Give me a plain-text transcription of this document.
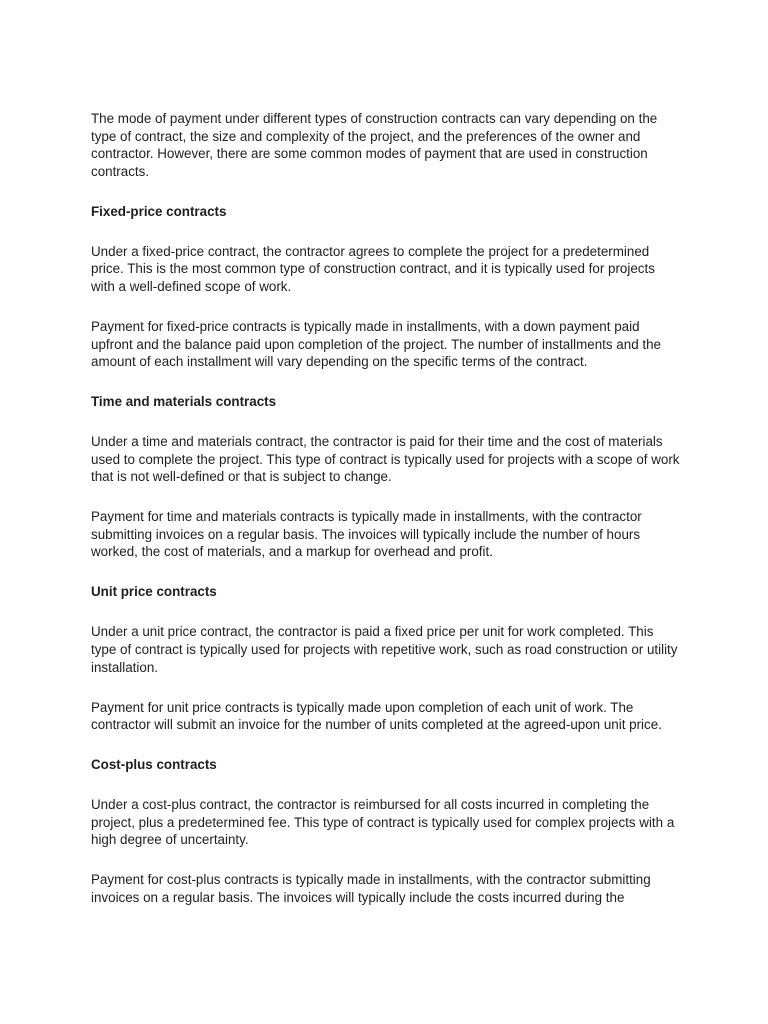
The mode of payment under different types of construction contracts can vary depending on the type of contract, the size and complexity of the project, and the preferences of the owner and contractor. However, there are some common modes of payment that are used in construction contracts.

Fixed-price contracts

Under a fixed-price contract, the contractor agrees to complete the project for a predetermined price. This is the most common type of construction contract, and it is typically used for projects with a well-defined scope of work.

Payment for fixed-price contracts is typically made in installments, with a down payment paid upfront and the balance paid upon completion of the project. The number of installments and the amount of each installment will vary depending on the specific terms of the contract.

Time and materials contracts

Under a time and materials contract, the contractor is paid for their time and the cost of materials used to complete the project. This type of contract is typically used for projects with a scope of work that is not well-defined or that is subject to change.

Payment for time and materials contracts is typically made in installments, with the contractor submitting invoices on a regular basis. The invoices will typically include the number of hours worked, the cost of materials, and a markup for overhead and profit.

Unit price contracts

Under a unit price contract, the contractor is paid a fixed price per unit for work completed. This type of contract is typically used for projects with repetitive work, such as road construction or utility installation.

Payment for unit price contracts is typically made upon completion of each unit of work. The contractor will submit an invoice for the number of units completed at the agreed-upon unit price.

Cost-plus contracts

Under a cost-plus contract, the contractor is reimbursed for all costs incurred in completing the project, plus a predetermined fee. This type of contract is typically used for complex projects with a high degree of uncertainty.

Payment for cost-plus contracts is typically made in installments, with the contractor submitting invoices on a regular basis. The invoices will typically include the costs incurred during the
